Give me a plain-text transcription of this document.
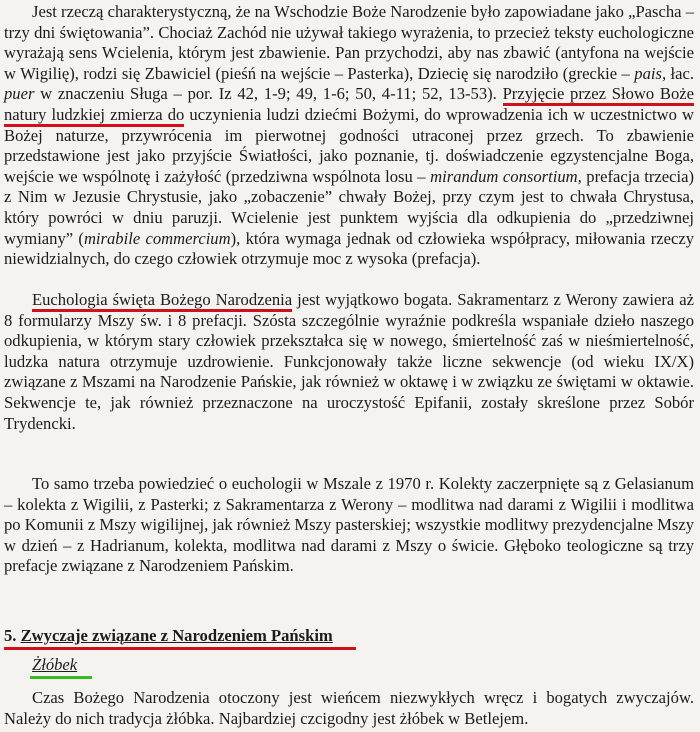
Jest rzeczą charakterystyczną, że na Wschodzie Boże Narodzenie było zapowiadane jako „Pascha – trzy dni świętowania”. Chociaż Zachód nie używał takiego wyrażenia, to przecież teksty euchologiczne wyrażają sens Wcielenia, którym jest zbawienie. Pan przychodzi, aby nas zbawić (antyfona na wejście w Wigilię), rodzi się Zbawiciel (pieśń na wejście – Pasterka), Dziecię się narodziło (greckie – pais, łac. puer w znaczeniu Sługa – por. Iz 42, 1-9; 49, 1-6; 50, 4-11; 52, 13-53). Przyjęcie przez Słowo Boże natury ludzkiej zmierza do uczynienia ludzi dziećmi Bożymi, do wprowadzenia ich w uczestnictwo w Bożej naturze, przywrócenia im pierwotnej godności utraconej przez grzech. To zbawienie przedstawione jest jako przyjście Światłości, jako poznanie, tj. doświadczenie egzystencjalne Boga, wejście we wspólnotę i zażyłość (przedziwna wspólnota losu – mirandum consortium, prefacja trzecia) z Nim w Jezusie Chrystusie, jako „zobaczenie” chwały Bożej, przy czym jest to chwała Chrystusa, który powróci w dniu paruzji. Wcielenie jest punktem wyjścia dla odkupienia do „przedziwnej wymiany” (mirabile commercium), która wymaga jednak od człowieka współpracy, miłowania rzeczy niewidzialnych, do czego człowiek otrzymuje moc z wysoka (prefacja).

Euchologia święta Bożego Narodzenia jest wyjątkowo bogata. Sakramentarz z Werony zawiera aż 8 formularzy Mszy św. i 8 prefacji. Szósta szczególnie wyraźnie podkreśla wspaniałe dzieło naszego odkupienia, w którym stary człowiek przekształca się w nowego, śmiertelność zaś w nieśmiertelność, ludzka natura otrzymuje uzdrowienie. Funkcjonowały także liczne sekwencje (od wieku IX/X) związane z Mszami na Narodzenie Pańskie, jak również w oktawę i w związku ze świętami w oktawie. Sekwencje te, jak również przeznaczone na uroczystość Epifanii, zostały skreślone przez Sobór Trydencki.

To samo trzeba powiedzieć o euchologii w Mszale z 1970 r. Kolekty zaczerpnięte są z Gelasianum – kolekta z Wigilii, z Pasterki; z Sakramentarza z Werony – modlitwa nad darami z Wigilii i modlitwa po Komunii z Mszy wigilijnej, jak również Mszy pasterskiej; wszystkie modlitwy prezydencjalne Mszy w dzień – z Hadrianum, kolekta, modlitwa nad darami z Mszy o świcie. Głęboko teologiczne są trzy prefacje związane z Narodzeniem Pańskim.

5. Zwyczaje związane z Narodzeniem Pańskim

Żłóbek

Czas Bożego Narodzenia otoczony jest wieńcem niezwykłych wręcz i bogatych zwyczajów. Należy do nich tradycja żłóbka. Najbardziej czcigodny jest żłóbek w Betlejem.
